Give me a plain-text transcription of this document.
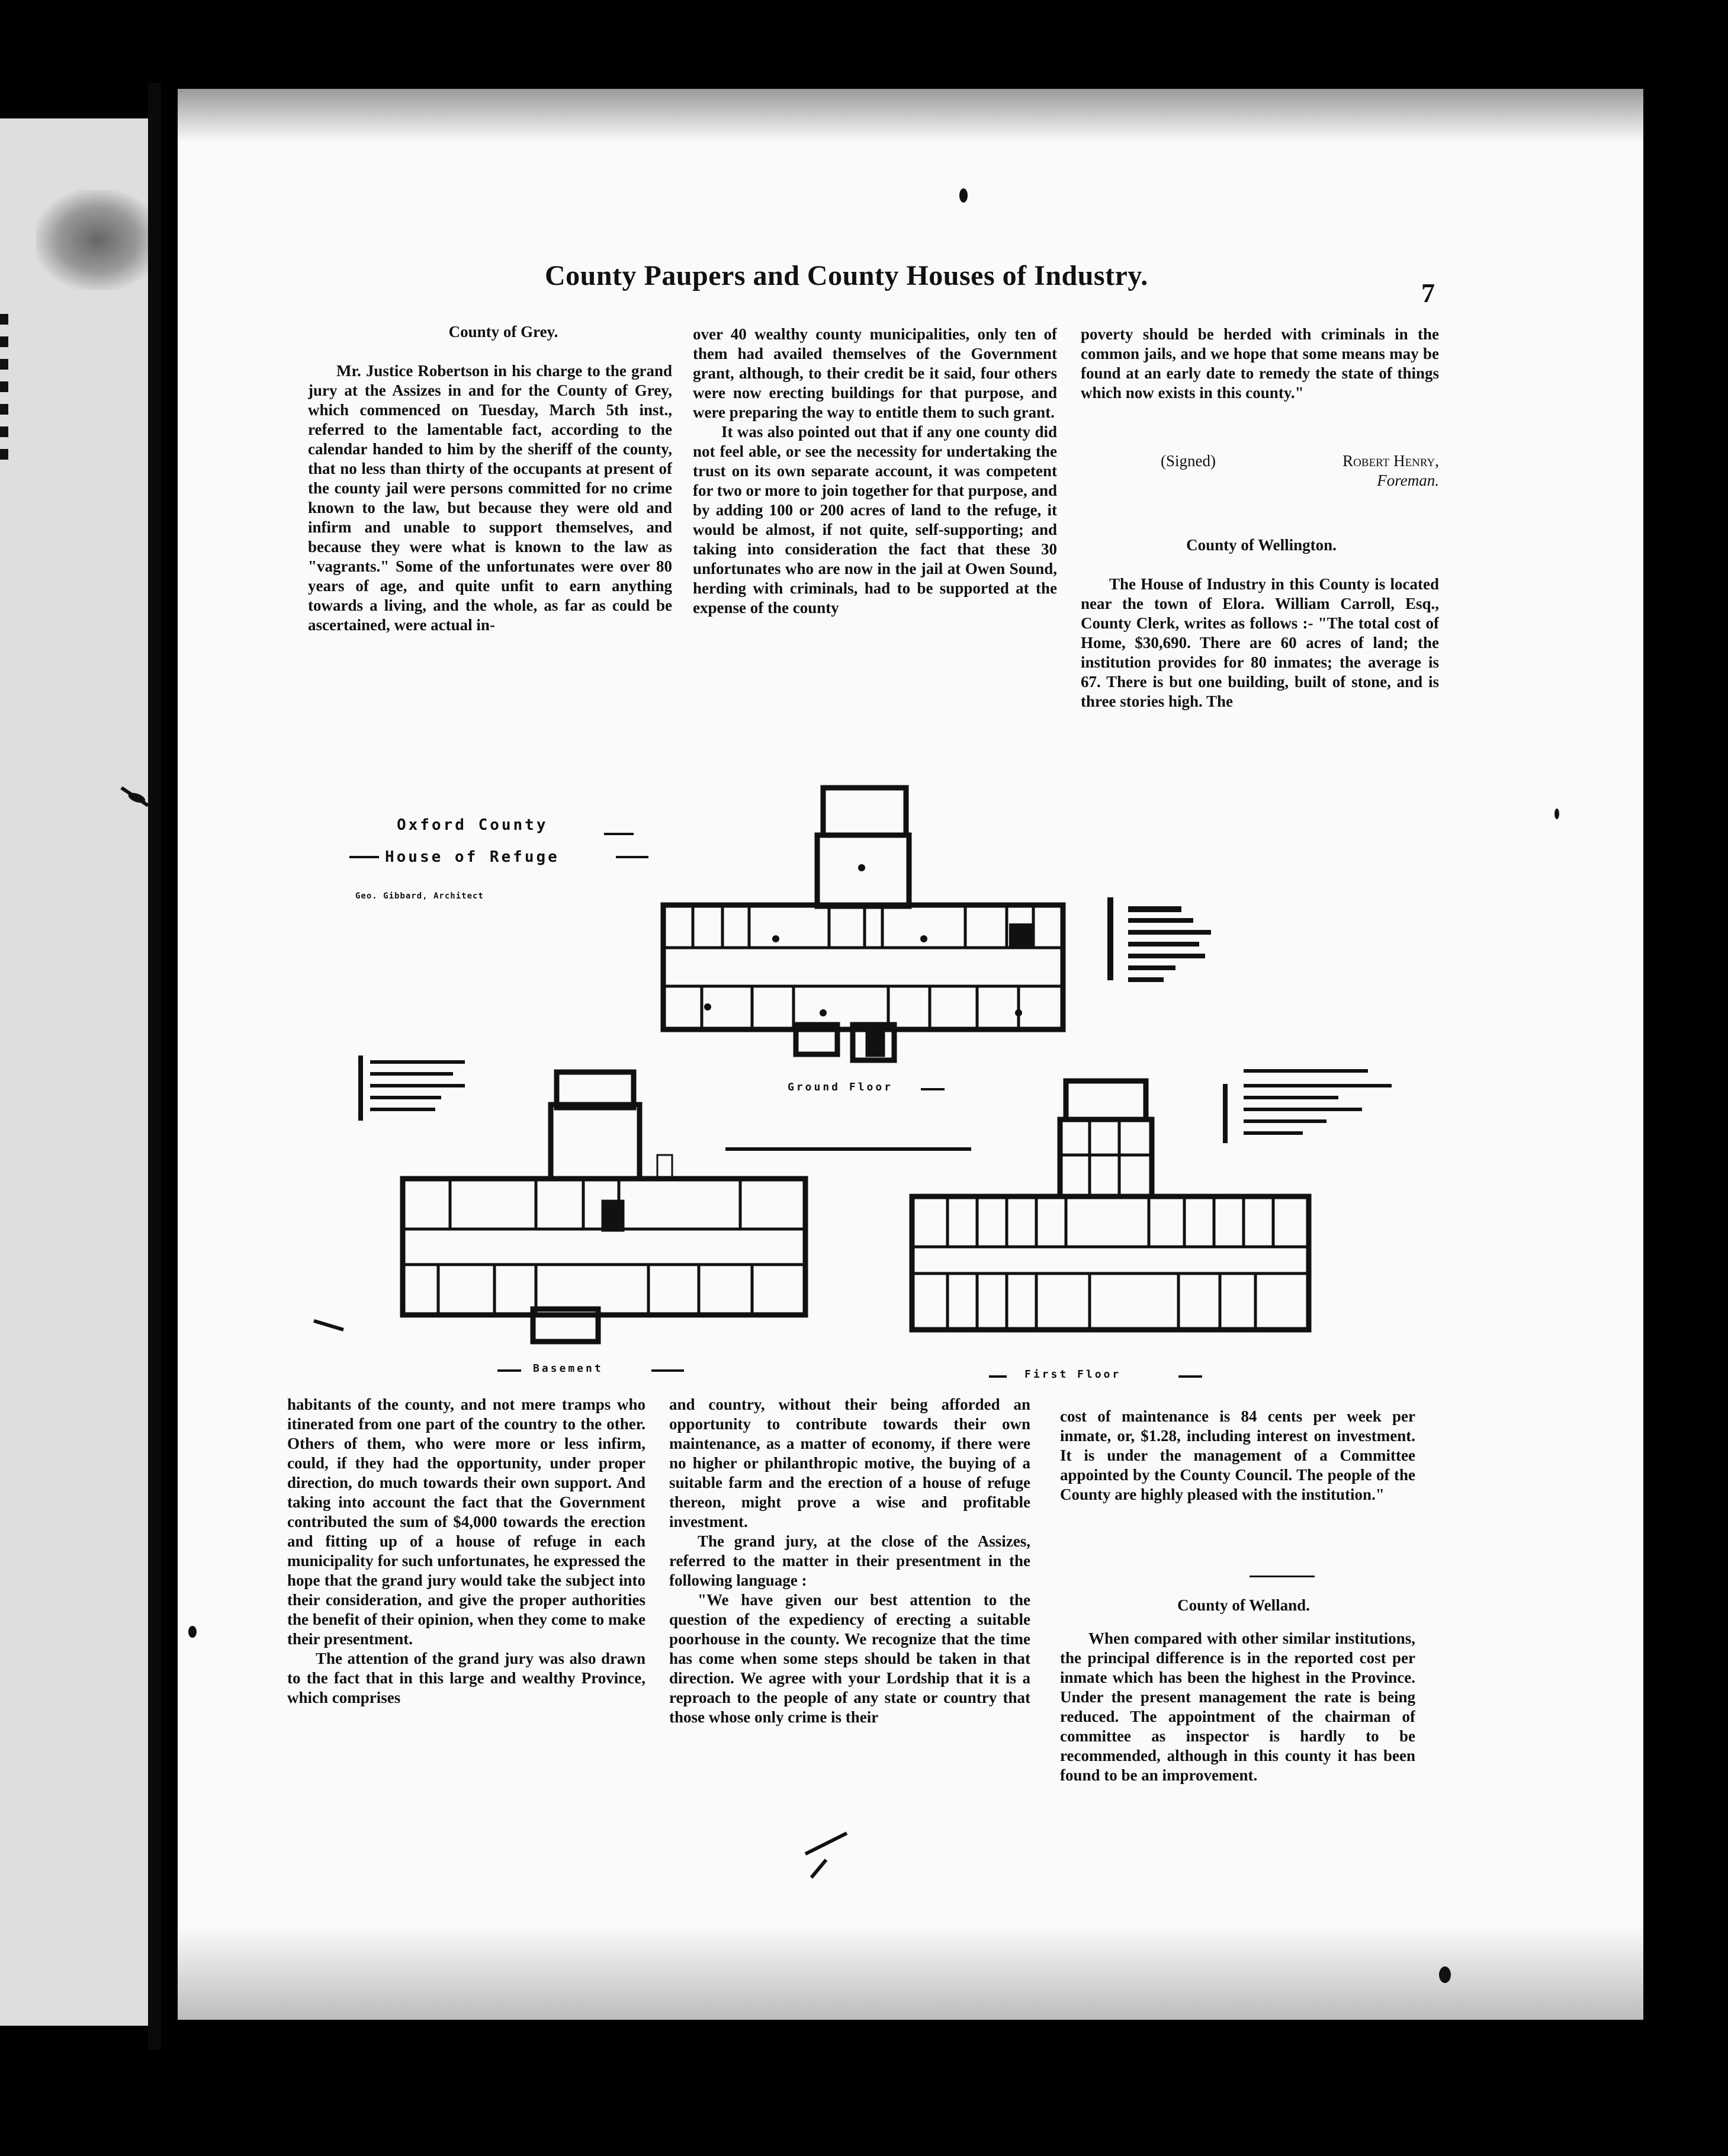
County Paupers and County Houses of Industry.
7
County of Grey.

Mr. Justice Robertson in his charge to the grand jury at the Assizes in and for the County of Grey, which commenced on Tuesday, March 5th inst., referred to the lamentable fact, according to the calendar handed to him by the sheriff of the county, that no less than thirty of the occupants at present of the county jail were persons committed for no crime known to the law, but because they were old and infirm and unable to support themselves, and because they were what is known to the law as "vagrants." Some of the unfortunates were over 80 years of age, and quite unfit to earn anything towards a living, and the whole, as far as could be ascertained, were actual in-

over 40 wealthy county municipalities, only ten of them had availed themselves of the Government grant, although, to their credit be it said, four others were now erecting buildings for that purpose, and were preparing the way to entitle them to such grant.

It was also pointed out that if any one county did not feel able, or see the necessity for undertaking the trust on its own separate account, it was competent for two or more to join together for that purpose, and by adding 100 or 200 acres of land to the refuge, it would be almost, if not quite, self-supporting; and taking into consideration the fact that these 30 unfortunates who are now in the jail at Owen Sound, herding with criminals, had to be supported at the expense of the county

poverty should be herded with criminals in the common jails, and we hope that some means may be found at an early date to remedy the state of things which now exists in this county."

(Signed)	Robert Henry,
Foreman.
County of Wellington.

The House of Industry in this County is located near the town of Elora. William Carroll, Esq., County Clerk, writes as follows :- "The total cost of Home, $30,690. There are 60 acres of land; the institution provides for 80 inmates; the average is 67. There is but one building, built of stone, and is three stories high. The

Oxford County
House of Refuge
Geo. Gibbard, Architect
Ground Floor
Basement	First Floor

habitants of the county, and not mere tramps who itinerated from one part of the country to the other. Others of them, who were more or less infirm, could, if they had the opportunity, under proper direction, do much towards their own support. And taking into account the fact that the Government contributed the sum of $4,000 towards the erection and fitting up of a house of refuge in each municipality for such unfortunates, he expressed the hope that the grand jury would take the subject into their consideration, and give the proper authorities the benefit of their opinion, when they come to make their presentment.

The attention of the grand jury was also drawn to the fact that in this large and wealthy Province, which comprises

and country, without their being afforded an opportunity to contribute towards their own maintenance, as a matter of economy, if there were no higher or philanthropic motive, the buying of a suitable farm and the erection of a house of refuge thereon, might prove a wise and profitable investment.

The grand jury, at the close of the Assizes, referred to the matter in their presentment in the following language :

"We have given our best attention to the question of the expediency of erecting a suitable poorhouse in the county. We recognize that the time has come when some steps should be taken in that direction. We agree with your Lordship that it is a reproach to the people of any state or country that those whose only crime is their

cost of maintenance is 84 cents per week per inmate, or, $1.28, including interest on investment. It is under the management of a Committee appointed by the County Council. The people of the County are highly pleased with the institution."

County of Welland.

When compared with other similar institutions, the principal difference is in the reported cost per inmate which has been the highest in the Province. Under the present management the rate is being reduced. The appointment of the chairman of committee as inspector is hardly to be recommended, although in this county it has been found to be an improvement.
